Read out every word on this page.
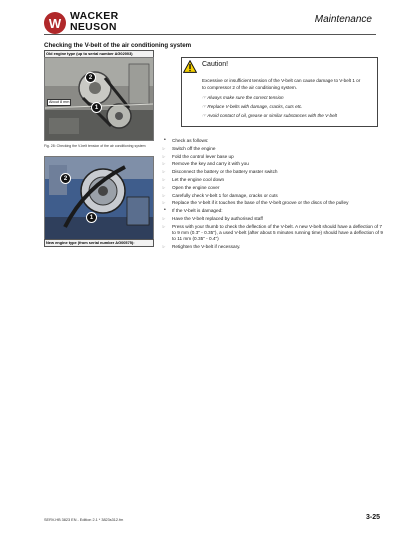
W WACKER
NEUSON
Maintenance
Checking the V-belt of the air conditioning system
Old engine type (up to serial number AG02003)
2
1
About 8 mm
Fig. 28: Checking the V-belt tension of the air conditioning system
2
1
New engine type (from serial number AG00575):
Caution!
Excessive or insufficient tension of the V-belt can cause damage to V-belt 1 or
to compressor 2 of the air conditioning system.
☞ Always make sure the correct tension
☞ Replace V-belts with damage, cracks, cuts etc.
☞ Avoid contact of oil, grease or similar substances with the V-belt
• Check as follows:
☞ Switch off the engine
☞ Fold the control lever base up
☞ Remove the key and carry it with you
☞ Disconnect the battery or the battery master switch
☞ Let the engine cool down
☞ Open the engine cover
☞ Carefully check V-belt 1 for damage, cracks or cuts
☞ Replace the V-belt if it touches the base of the V-belt groove or the discs of the pulley
• If the V-belt is damaged:
☞ Have the V-belt replaced by authorised staff
☞ Press with your thumb to check the deflection of the V-belt. A new V-belt should have a deflection of 7 to 9 mm (0.3" - 0.35"), a used V-belt (after about 5 minutes running time) should have a deflection of 9 to 11 mm (0.35" - 0.4")
☞ Retighten the V-belt if necessary.
SERV-HB 3823 EN - Edition 2.1 * 3823s312.fm	3-25
